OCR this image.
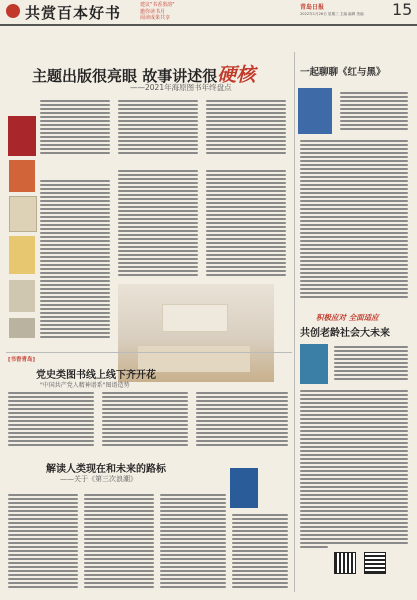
共赏百本好书	建议"书香墨韵"
邀你读书月
阅读成果共享
青岛日报
2022年1月26日 星期三 主编 编辑 美编 15
主题出版很亮眼 故事讲述很硬核
——2021年海原图书年终盘点
一起聊聊《红与黑》
积极应对 全面适应
共创老龄社会大未来
[书香青岛]
党史类图书线上线下齐开花
"中国共产党人精神谱系"图谱造势
解读人类现在和未来的路标
——关于《第三次浪潮》
